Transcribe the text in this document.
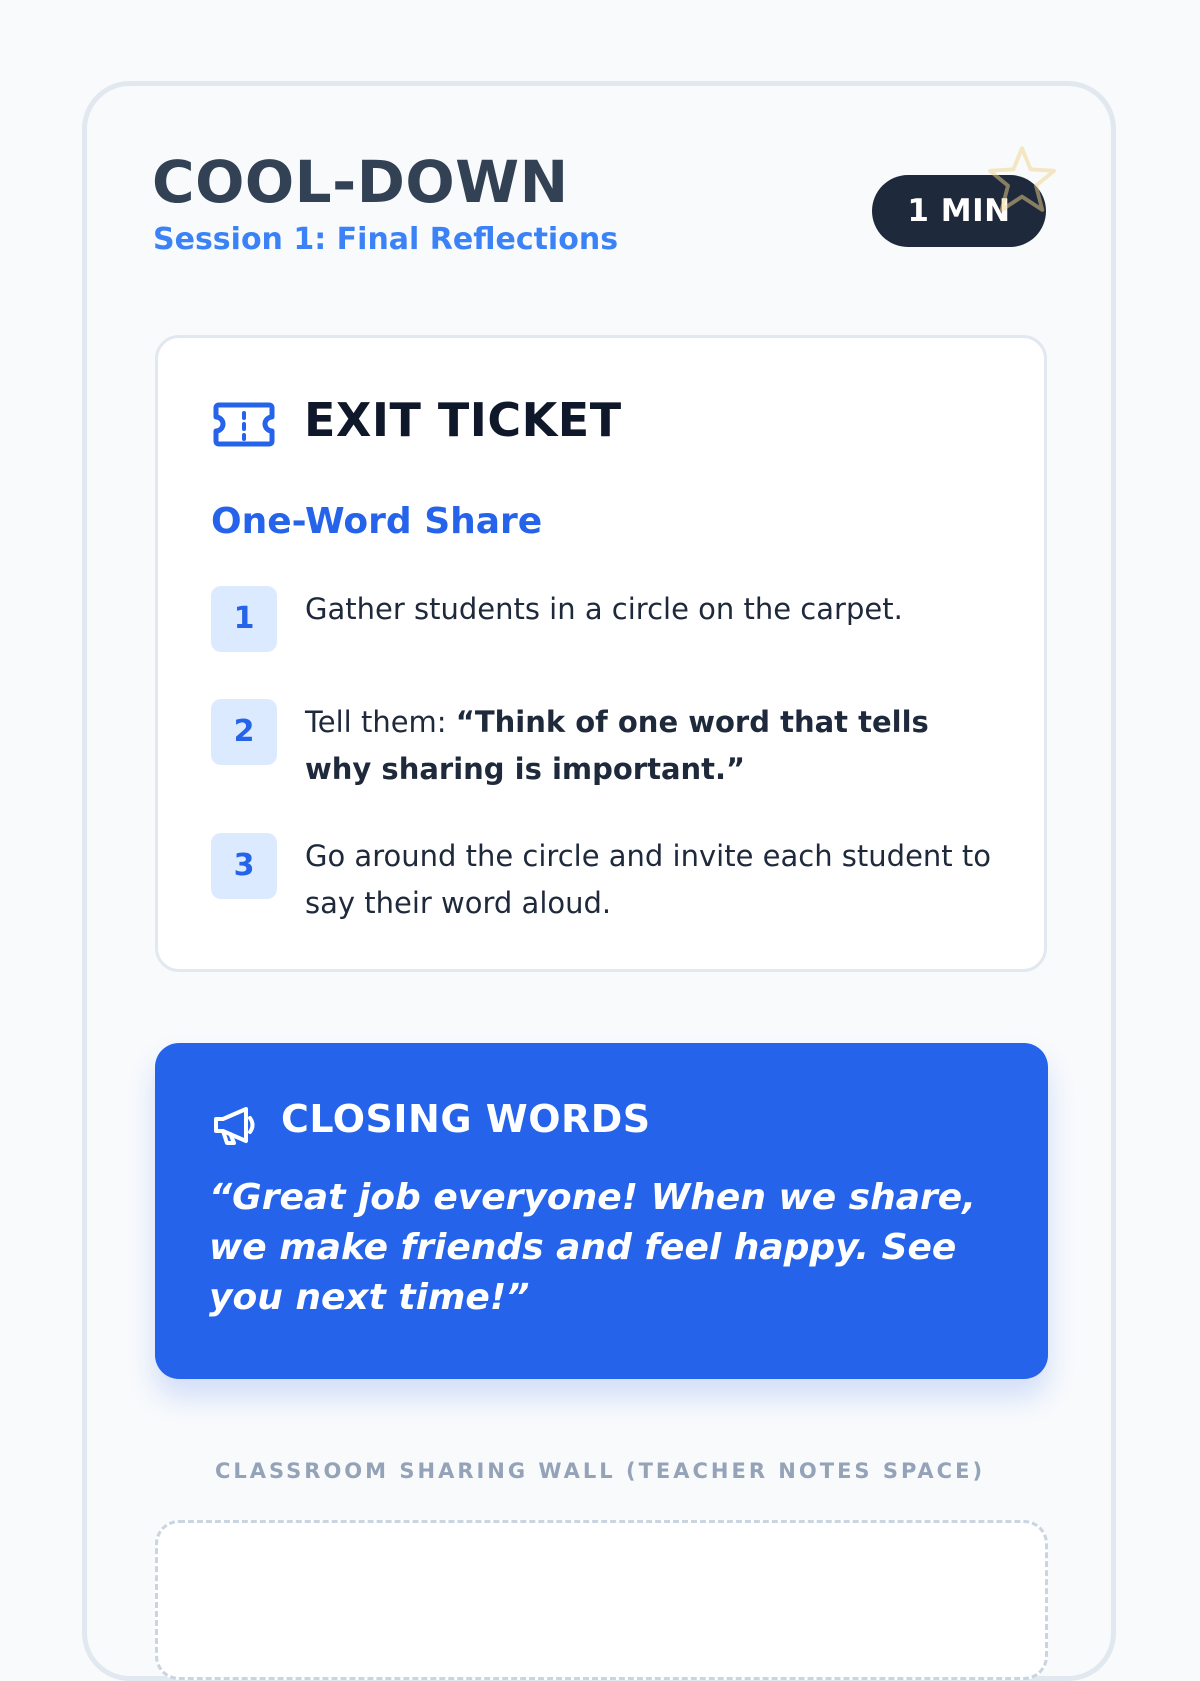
COOL-DOWN
Session 1: Final Reflections
1 MIN
EXIT TICKET
One-Word Share
1	Gather students in a circle on the carpet.
2	Tell them: “Think of one word that tells why sharing is important.”
3	Go around the circle and invite each student to say their word aloud.
CLOSING WORDS
“Great job everyone! When we share, we make friends and feel happy. See you next time!”
CLASSROOM SHARING WALL (TEACHER NOTES SPACE)
